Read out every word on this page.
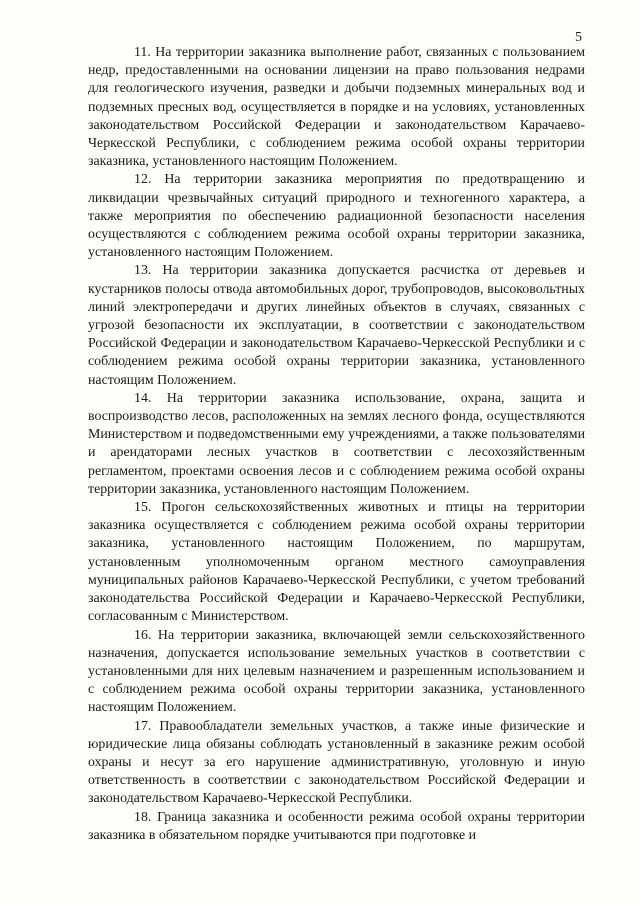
5

11. На территории заказника выполнение работ, связанных с пользованием недр, предоставленными на основании лицензии на право пользования недрами для геологического изучения, разведки и добычи подземных минеральных вод и подземных пресных вод, осуществляется в порядке и на условиях, установленных законодательством Российской Федерации и законодательством Карачаево-Черкесской Республики, с соблюдением режима особой охраны территории заказника, установленного настоящим Положением.

12. На территории заказника мероприятия по предотвращению и ликвидации чрезвычайных ситуаций природного и техногенного характера, а также мероприятия по обеспечению радиационной безопасности населения осуществляются с соблюдением режима особой охраны территории заказника, установленного настоящим Положением.

13. На территории заказника допускается расчистка от деревьев и кустарников полосы отвода автомобильных дорог, трубопроводов, высоковольтных линий электропередачи и других линейных объектов в случаях, связанных с угрозой безопасности их эксплуатации, в соответствии с законодательством Российской Федерации и законодательством Карачаево-Черкесской Республики и с соблюдением режима особой охраны территории заказника, установленного настоящим Положением.

14. На территории заказника использование, охрана, защита и воспроизводство лесов, расположенных на землях лесного фонда, осуществляются Министерством и подведомственными ему учреждениями, а также пользователями и арендаторами лесных участков в соответствии с лесохозяйственным регламентом, проектами освоения лесов и с соблюдением режима особой охраны территории заказника, установленного настоящим Положением.

15. Прогон сельскохозяйственных животных и птицы на территории заказника осуществляется с соблюдением режима особой охраны территории заказника, установленного настоящим Положением, по маршрутам, установленным уполномоченным органом местного самоуправления муниципальных районов Карачаево-Черкесской Республики, с учетом требований законодательства Российской Федерации и Карачаево-Черкесской Республики, согласованным с Министерством.

16. На территории заказника, включающей земли сельскохозяйственного назначения, допускается использование земельных участков в соответствии с установленными для них целевым назначением и разрешенным использованием и с соблюдением режима особой охраны территории заказника, установленного настоящим Положением.

17. Правообладатели земельных участков, а также иные физические и юридические лица обязаны соблюдать установленный в заказнике режим особой охраны и несут за его нарушение административную, уголовную и иную ответственность в соответствии с законодательством Российской Федерации и законодательством Карачаево-Черкесской Республики.

18. Граница заказника и особенности режима особой охраны территории заказника в обязательном порядке учитываются при подготовке и
